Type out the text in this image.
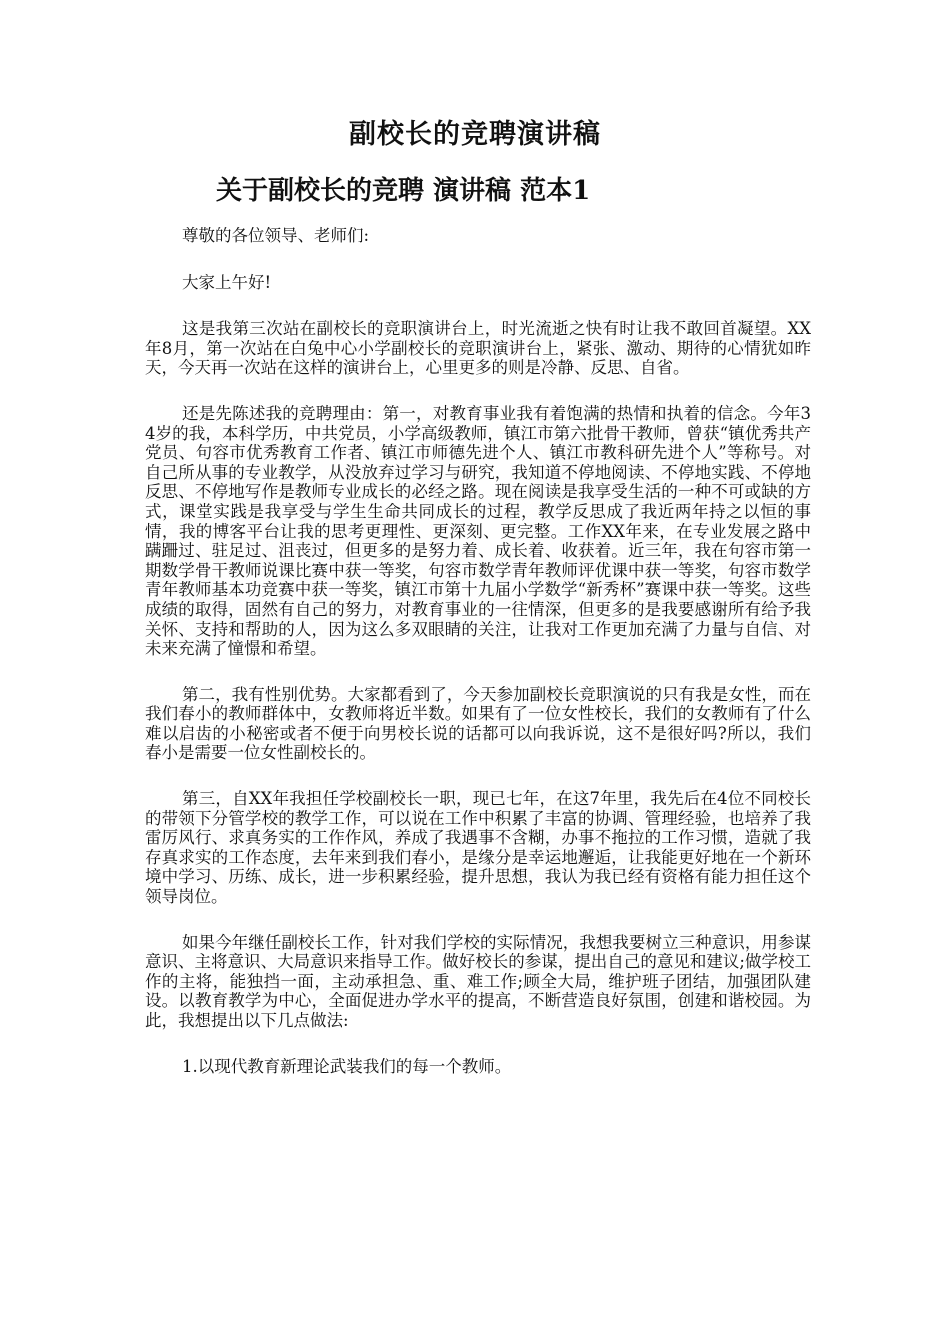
副校长的竞聘演讲稿
关于副校长的竞聘 演讲稿 范本1

尊敬的各位领导、老师们:

大家上午好!

这是我第三次站在副校长的竞职演讲台上，时光流逝之快有时让我不敢回首凝望。XX年8月，第一次站在白兔中心小学副校长的竞职演讲台上，紧张、激动、期待的心情犹如昨天，今天再一次站在这样的演讲台上，心里更多的则是冷静、反思、自省。

还是先陈述我的竞聘理由：第一，对教育事业我有着饱满的热情和执着的信念。今年34岁的我，本科学历，中共党员，小学高级教师，镇江市第六批骨干教师，曾获“镇优秀共产党员、句容市优秀教育工作者、镇江市师德先进个人、镇江市教科研先进个人”等称号。对自己所从事的专业教学，从没放弃过学习与研究，我知道不停地阅读、不停地实践、不停地反思、不停地写作是教师专业成长的必经之路。现在阅读是我享受生活的一种不可或缺的方式，课堂实践是我享受与学生生命共同成长的过程，教学反思成了我近两年持之以恒的事情，我的博客平台让我的思考更理性、更深刻、更完整。工作XX年来，在专业发展之路中蹒跚过、驻足过、沮丧过，但更多的是努力着、成长着、收获着。近三年，我在句容市第一期数学骨干教师说课比赛中获一等奖，句容市数学青年教师评优课中获一等奖，句容市数学青年教师基本功竞赛中获一等奖，镇江市第十九届小学数学“新秀杯”赛课中获一等奖。这些成绩的取得，固然有自己的努力，对教育事业的一往情深，但更多的是我要感谢所有给予我关怀、支持和帮助的人，因为这么多双眼睛的关注，让我对工作更加充满了力量与自信、对未来充满了憧憬和希望。

第二，我有性别优势。大家都看到了，今天参加副校长竞职演说的只有我是女性，而在我们春小的教师群体中，女教师将近半数。如果有了一位女性校长，我们的女教师有了什么难以启齿的小秘密或者不便于向男校长说的话都可以向我诉说，这不是很好吗?所以，我们春小是需要一位女性副校长的。

第三，自XX年我担任学校副校长一职，现已七年，在这7年里，我先后在4位不同校长的带领下分管学校的教学工作，可以说在工作中积累了丰富的协调、管理经验，也培养了我雷厉风行、求真务实的工作作风，养成了我遇事不含糊，办事不拖拉的工作习惯，造就了我存真求实的工作态度，去年来到我们春小，是缘分是幸运地邂逅，让我能更好地在一个新环境中学习、历练、成长，进一步积累经验，提升思想，我认为我已经有资格有能力担任这个领导岗位。

如果今年继任副校长工作，针对我们学校的实际情况，我想我要树立三种意识，用参谋意识、主将意识、大局意识来指导工作。做好校长的参谋，提出自己的意见和建议;做学校工作的主将，能独挡一面，主动承担急、重、难工作;顾全大局，维护班子团结，加强团队建设。以教育教学为中心，全面促进办学水平的提高，不断营造良好氛围，创建和谐校园。为此，我想提出以下几点做法:

1.以现代教育新理论武装我们的每一个教师。
